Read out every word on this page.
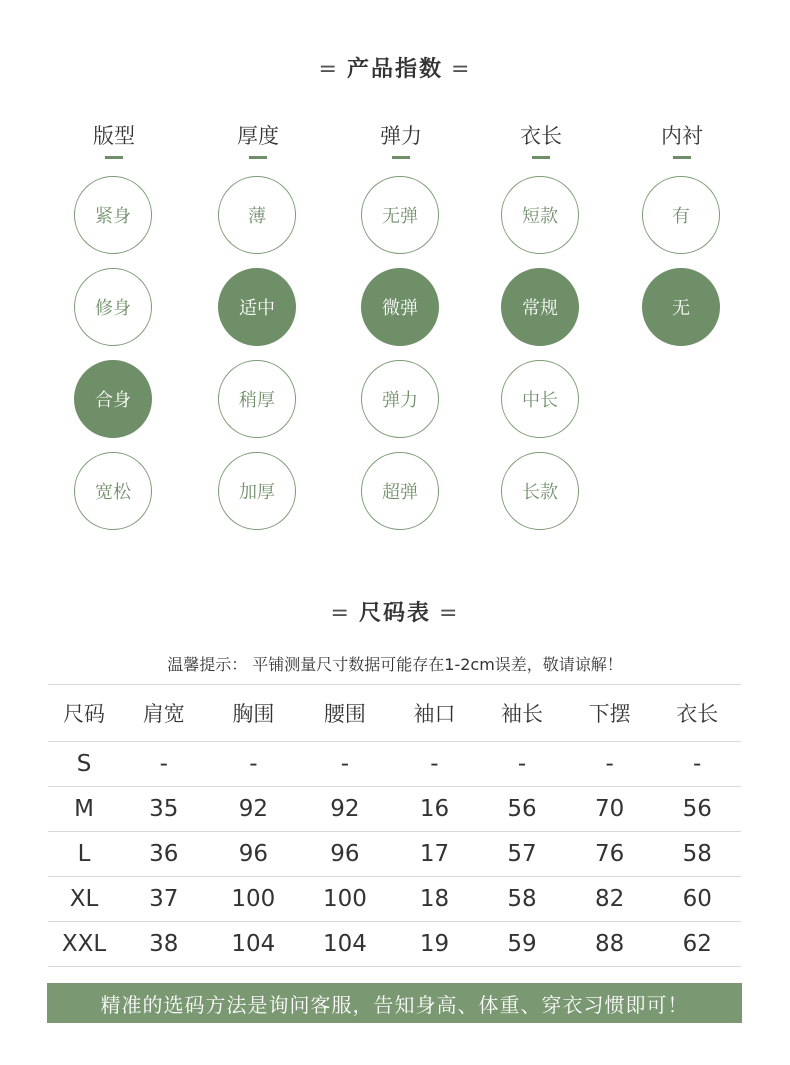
= 产品指数 =
版型
紧身
修身
合身
宽松
厚度
薄
适中
稍厚
加厚
弹力
无弹
微弹
弹力
超弹
衣长
短款
常规
中长
长款
内衬
有
无
= 尺码表 =
温馨提示： 平铺测量尺寸数据可能存在1-2cm误差，敬请谅解！
尺码	肩宽	胸围	腰围	袖口	袖长	下摆	衣长
S	-	-	-	-	-	-	-
M	35	92	92	16	56	70	56
L	36	96	96	17	57	76	58
XL	37	100	100	18	58	82	60
XXL	38	104	104	19	59	88	62
精准的选码方法是询问客服，告知身高、体重、穿衣习惯即可！
